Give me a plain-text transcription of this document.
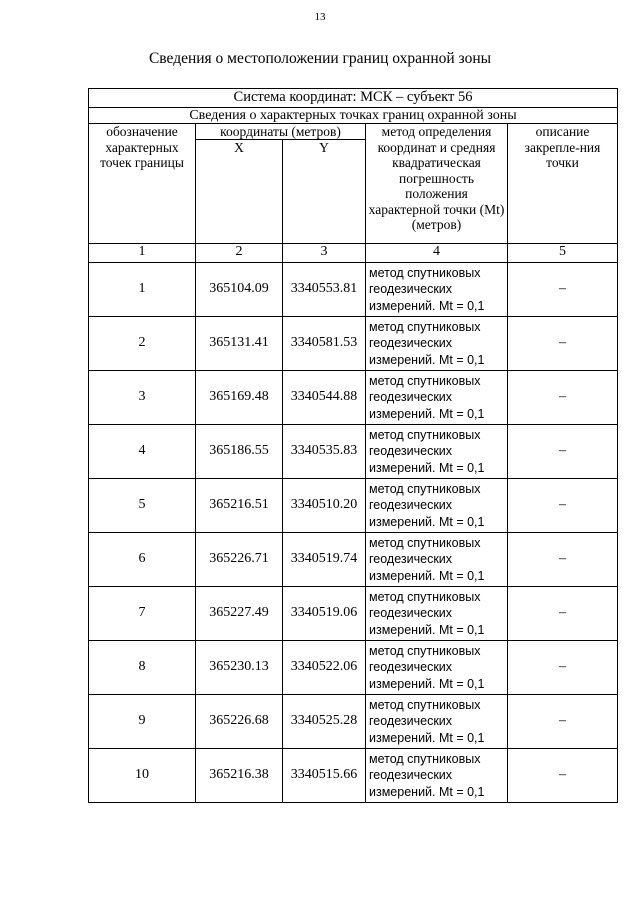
13
Сведения о местоположении границ охранной зоны
Система координат: МСК – субъект 56				
Сведения о характерных точках границ охранной зоны				
обозначение характерных точек границы	координаты (метров)		метод определения координат и средняя квадратическая погрешность положения характерной точки (Mt) (метров)	описание закрепле-ния точки
	X	Y		
1	2	3	4	5
1	365104.09	3340553.81	метод спутниковых геодезических измерений. Mt = 0,1	–
2	365131.41	3340581.53	метод спутниковых геодезических измерений. Mt = 0,1	–
3	365169.48	3340544.88	метод спутниковых геодезических измерений. Mt = 0,1	–
4	365186.55	3340535.83	метод спутниковых геодезических измерений. Mt = 0,1	–
5	365216.51	3340510.20	метод спутниковых геодезических измерений. Mt = 0,1	–
6	365226.71	3340519.74	метод спутниковых геодезических измерений. Mt = 0,1	–
7	365227.49	3340519.06	метод спутниковых геодезических измерений. Mt = 0,1	–
8	365230.13	3340522.06	метод спутниковых геодезических измерений. Mt = 0,1	–
9	365226.68	3340525.28	метод спутниковых геодезических измерений. Mt = 0,1	–
10	365216.38	3340515.66	метод спутниковых геодезических измерений. Mt = 0,1	–
